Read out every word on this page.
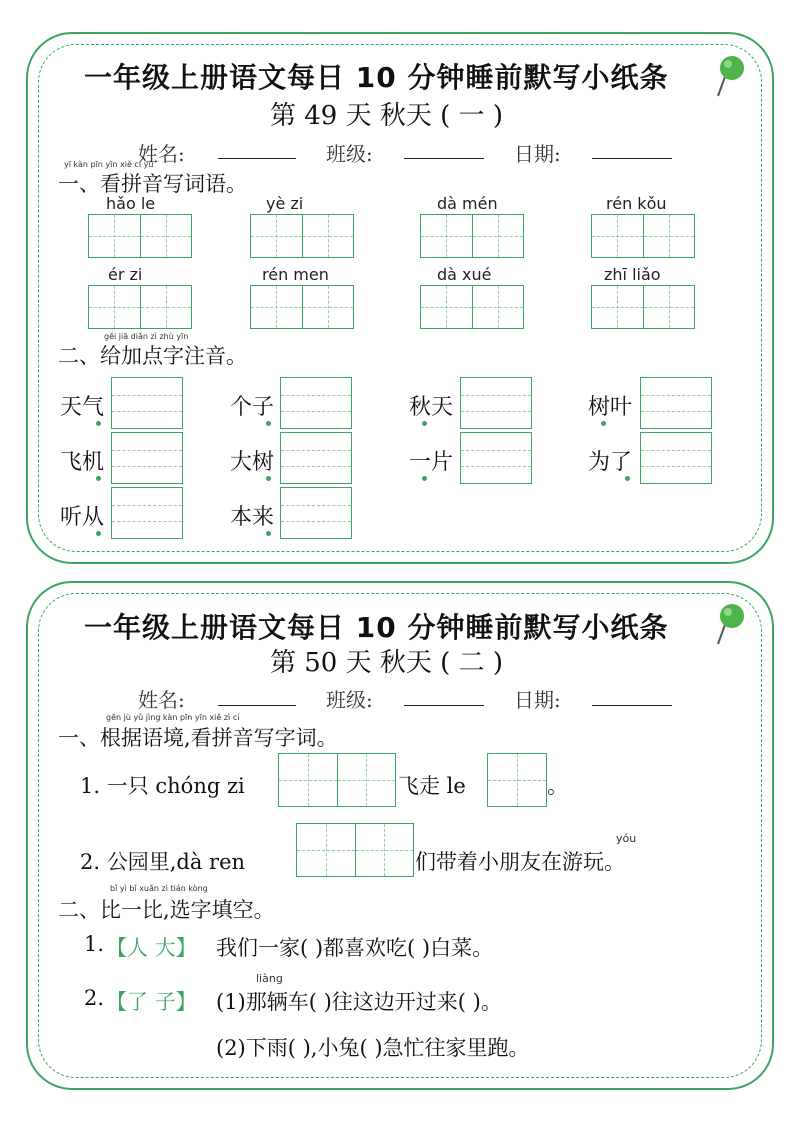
一年级上册语文每日 10 分钟睡前默写小纸条
第 49 天 秋天 ( 一 )
姓名:	班级:	日期:
yī kàn pīn yīn xiě cí yǔ
一、看拼音写词语。
hǎo le	yè zi	dà mén	rén kǒu
ér zi	rén men	dà xué	zhī liǎo
gěi jiā diǎn zì zhù yīn
二、给加点字注音。
天气	个子	秋天	树叶
飞机	大树	一片	为了
听从	本来
一年级上册语文每日 10 分钟睡前默写小纸条
第 50 天 秋天 ( 二 )
姓名:	班级:	日期:
gēn jù yǔ jìng kàn pīn yīn xiě zì cí
一、根据语境,看拼音写字词。
1. 一只 chóng zi	飞走 le	。
2. 公园里,dà ren
yóu
们带着小朋友在游玩。
bǐ yì bǐ xuǎn zì tián kòng
二、比一比,选字填空。
1. 【人 大】 我们一家( )都喜欢吃( )白菜。
liàng
2. 【了 子】 (1)那辆车( )往这边开过来( )。
(2)下雨( ),小兔( )急忙往家里跑。
